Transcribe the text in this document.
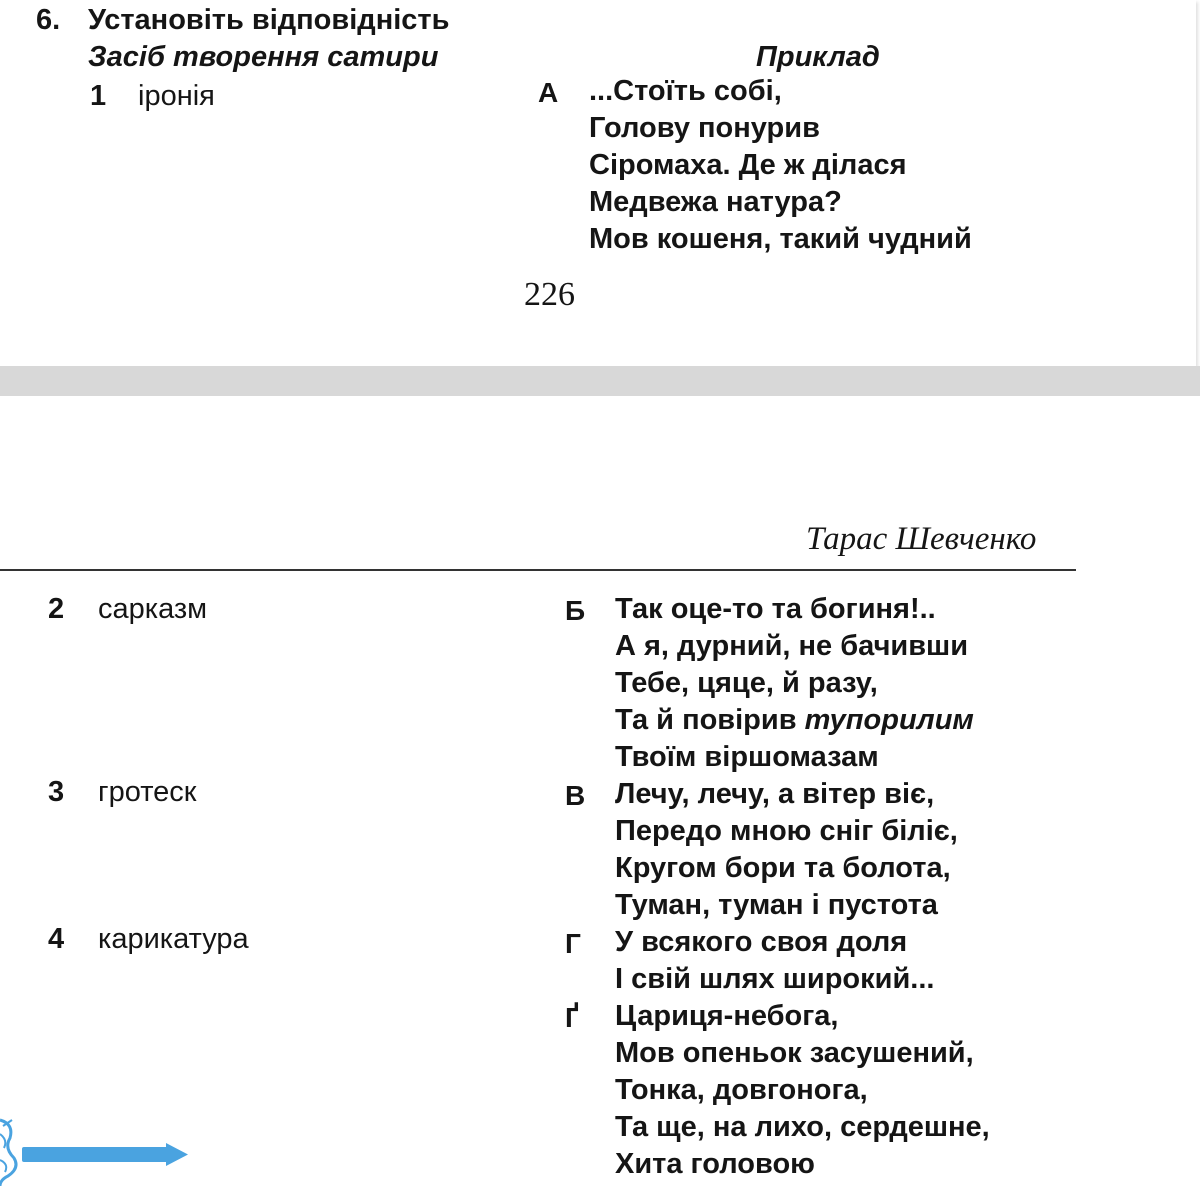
6. Установіть відповідність
Засіб творення сатири	Приклад
1 іронія	А ...Стоїть собі,
Голову понурив
Сіромаха. Де ж ділася
Медвежа натура?
Мов кошеня, такий чудний
226
Тарас Шевченко
2 сарказм
3 гротеск
4 карикатура
Б Так оце-то та богиня!..
А я, дурний, не бачивши
Тебе, цяце, й разу,
Та й повірив тупорилим
Твоїм віршомазам
В Лечу, лечу, а вітер віє,
Передо мною сніг біліє,
Кругом бори та болота,
Туман, туман і пустота
Г У всякого своя доля
І свій шлях широкий...
Ґ Цариця-небога,
Мов опеньок засушений,
Тонка, довгонога,
Та ще, на лихо, сердешне,
Хита головою
